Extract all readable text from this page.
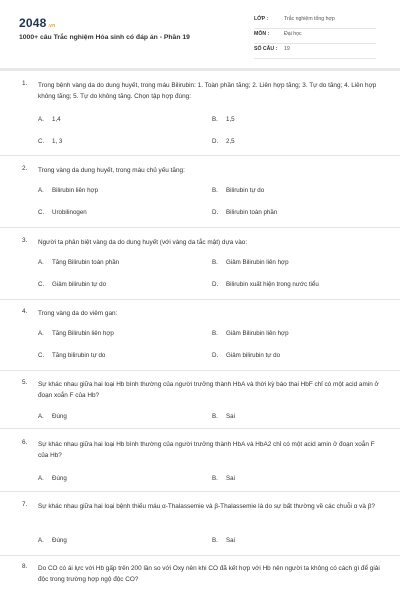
2048.vn
1000+ câu Trắc nghiệm Hóa sinh có đáp án - Phần 19
LỚP :	Trắc nghiệm tổng hợp
MÔN :	Đại học
SỐ CÂU : 19
1. Trong bệnh vàng da do dung huyết, trong máu Bilirubin: 1. Toàn phần tăng; 2. Liên hợp tăng; 3. Tự do tăng; 4. Liên hợp không tăng; 5. Tự do không tăng. Chọn tập hợp đúng:
A. 1,4	B. 1,5
C. 1, 3	D. 2,5
2. Trong vàng da dung huyết, trong máu chủ yếu tăng:
A. Bilirubin liên hợp	B. Bilirubin tự do
C. Urobilinogen	D. Bilirubin toàn phần
3. Người ta phân biệt vàng da do dung huyết (với vàng da tắc mật) dựa vào:
A. Tăng Bilirubin toàn phần	B. Giảm Bilirubin liên hợp
C. Giảm bilirubin tự do	D. Bilirubin xuất hiện trong nước tiểu
4. Trong vàng da do viêm gan:
A. Tăng Bilirubin liên hợp	B. Giảm Bilirubin liên hợp
C. Tăng bilirubin tự do	D. Giảm bilirubin tự do
5. Sự khác nhau giữa hai loại Hb bình thường của người trưởng thành HbA và thời kỳ bào thai HbF chỉ có một acid amin ở đoạn xoắn F của Hb?
A. Đúng	B. Sai
6. Sự khác nhau giữa hai loại Hb bình thường của người trưởng thành HbA và HbA2 chỉ có một acid amin ở đoạn xoắn F của Hb?
A. Đúng	B. Sai
7. Sự khác nhau giữa hai loại bệnh thiếu máu α-Thalassemie và β-Thalassemie là do sự bất thường về các chuỗi α và β?
A. Đúng	B. Sai
8. Do CO có ái lực với Hb gấp trên 200 lần so với Oxy nên khi CO đã kết hợp với Hb nên người ta không có cách gì để giải độc trong trường hợp ngộ độc CO?
